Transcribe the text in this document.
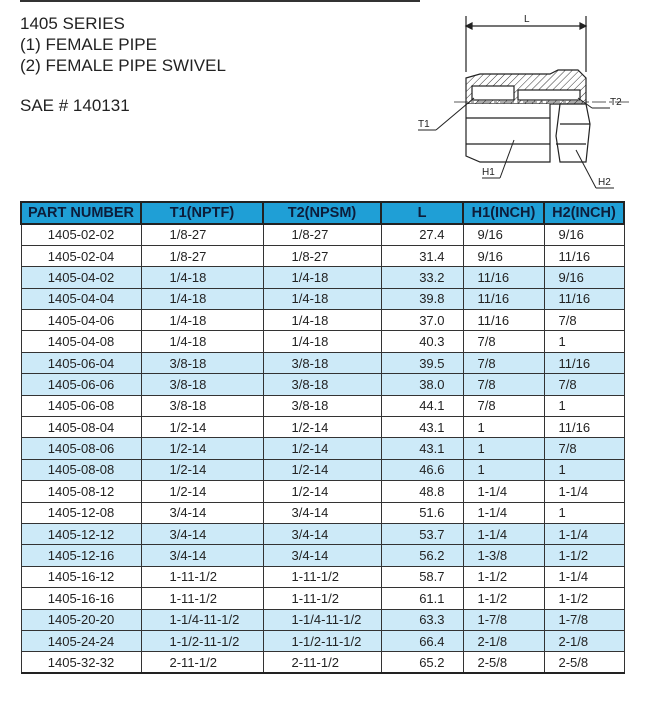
1405 SERIES
(1) FEMALE PIPE
(2) FEMALE PIPE SWIVEL
SAE # 140131
L
T1
T2
H1
H2
PART NUMBER	T1(NPTF)	T2(NPSM)	L	H1(INCH)	H2(INCH)
1405-02-02	1/8-27	1/8-27	27.4	9/16	9/16
1405-02-04	1/8-27	1/8-27	31.4	9/16	11/16
1405-04-02	1/4-18	1/4-18	33.2	11/16	9/16
1405-04-04	1/4-18	1/4-18	39.8	11/16	11/16
1405-04-06	1/4-18	1/4-18	37.0	11/16	7/8
1405-04-08	1/4-18	1/4-18	40.3	7/8	1
1405-06-04	3/8-18	3/8-18	39.5	7/8	11/16
1405-06-06	3/8-18	3/8-18	38.0	7/8	7/8
1405-06-08	3/8-18	3/8-18	44.1	7/8	1
1405-08-04	1/2-14	1/2-14	43.1	1	11/16
1405-08-06	1/2-14	1/2-14	43.1	1	7/8
1405-08-08	1/2-14	1/2-14	46.6	1	1
1405-08-12	1/2-14	1/2-14	48.8	1-1/4	1-1/4
1405-12-08	3/4-14	3/4-14	51.6	1-1/4	1
1405-12-12	3/4-14	3/4-14	53.7	1-1/4	1-1/4
1405-12-16	3/4-14	3/4-14	56.2	1-3/8	1-1/2
1405-16-12	1-11-1/2	1-11-1/2	58.7	1-1/2	1-1/4
1405-16-16	1-11-1/2	1-11-1/2	61.1	1-1/2	1-1/2
1405-20-20	1-1/4-11-1/2	1-1/4-11-1/2	63.3	1-7/8	1-7/8
1405-24-24	1-1/2-11-1/2	1-1/2-11-1/2	66.4	2-1/8	2-1/8
1405-32-32	2-11-1/2	2-11-1/2	65.2	2-5/8	2-5/8
